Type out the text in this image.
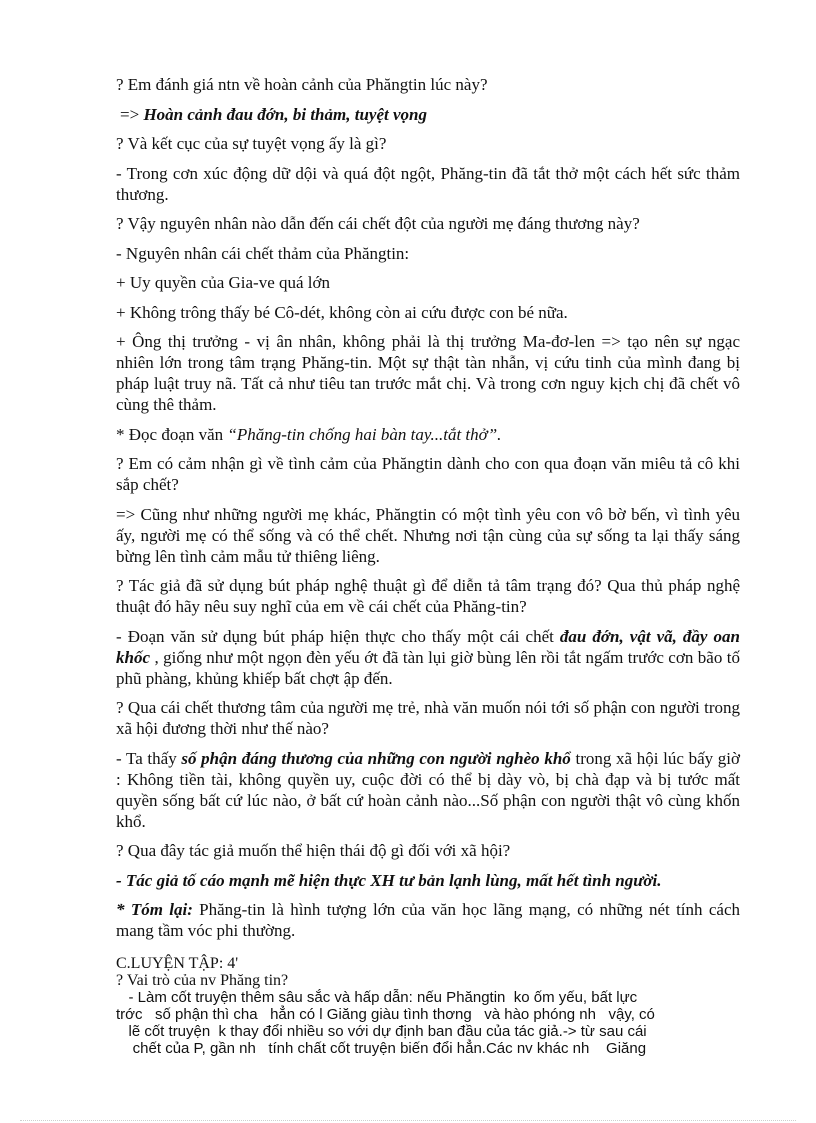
? Em đánh giá ntn về hoàn cảnh của Phăngtin lúc này?

=> Hoàn cảnh đau đớn, bi thảm, tuyệt vọng

? Và kết cục của sự tuyệt vọng ấy là gì?

- Trong cơn xúc động dữ dội và quá đột ngột, Phăng-tin đã tắt thở một cách hết sức thảm thương.

? Vậy nguyên nhân nào dẫn đến cái chết đột của người mẹ đáng thương này?

- Nguyên nhân cái chết thảm của Phăngtin:

+ Uy quyền của Gia-ve quá lớn

+ Không trông thấy bé Cô-dét, không còn ai cứu được con bé nữa.

+ Ông thị trưởng - vị ân nhân, không phải là thị trưởng Ma-đơ-len => tạo nên sự ngạc nhiên lớn trong tâm trạng Phăng-tin. Một sự thật tàn nhẫn, vị cứu tinh của mình đang bị pháp luật truy nã. Tất cả như tiêu tan trước mắt chị. Và trong cơn nguy kịch chị đã chết vô cùng thê thảm.

* Đọc đoạn văn “Phăng-tin chống hai bàn tay...tắt thở”.

? Em có cảm nhận gì về tình cảm của Phăngtin dành cho con qua đoạn văn miêu tả cô khi sắp chết?

=> Cũng như những người mẹ khác, Phăngtin có một tình yêu con vô bờ bến, vì tình yêu ấy, người mẹ có thể sống và có thể chết. Nhưng nơi tận cùng của sự sống ta lại thấy sáng bừng lên tình cảm mẫu tử thiêng liêng.

? Tác giả đã sử dụng bút pháp nghệ thuật gì để diễn tả tâm trạng đó? Qua thủ pháp nghệ thuật đó hãy nêu suy nghĩ của em về cái chết của Phăng-tin?

- Đoạn văn sử dụng bút pháp hiện thực cho thấy một cái chết đau đớn, vật vã, đầy oan khốc , giống như một ngọn đèn yếu ớt đã tàn lụi giờ bùng lên rồi tắt ngấm trước cơn bão tố phũ phàng, khủng khiếp bất chợt ập đến.

? Qua cái chết thương tâm của người mẹ trẻ, nhà văn muốn nói tới số phận con người trong xã hội đương thời như thế nào?

- Ta thấy số phận đáng thương của những con người nghèo khổ trong xã hội lúc bấy giờ : Không tiền tài, không quyền uy, cuộc đời có thể bị dày vò, bị chà đạp và bị tước mất quyền sống bất cứ lúc nào, ở bất cứ hoàn cảnh nào...Số phận con người thật vô cùng khốn khổ.

? Qua đây tác giả muốn thể hiện thái độ gì đối với xã hội?

- Tác giả tố cáo mạnh mẽ hiện thực XH tư bản lạnh lùng, mất hết tình người.

* Tóm lại: Phăng-tin là hình tượng lớn của văn học lãng mạng, có những nét tính cách mang tầm vóc phi thường.

C.LUYỆN TẬP: 4'

? Vai trò của nv Phăng tin?

- Làm cốt truyện thêm sâu sắc và hấp dẫn: nếu Phăngtin  ko ốm yếu, bất lực

trớc   số phận thì cha   hẳn có l Giăng giàu tình thơng   và hào phóng nh   vậy, có

lẽ cốt truyện  k thay đổi nhiều so với dự định ban đầu của tác giả.-> từ sau cái

chết của P, gần nh   tính chất cốt truyện biến đổi hẳn.Các nv khác nh    Giăng
